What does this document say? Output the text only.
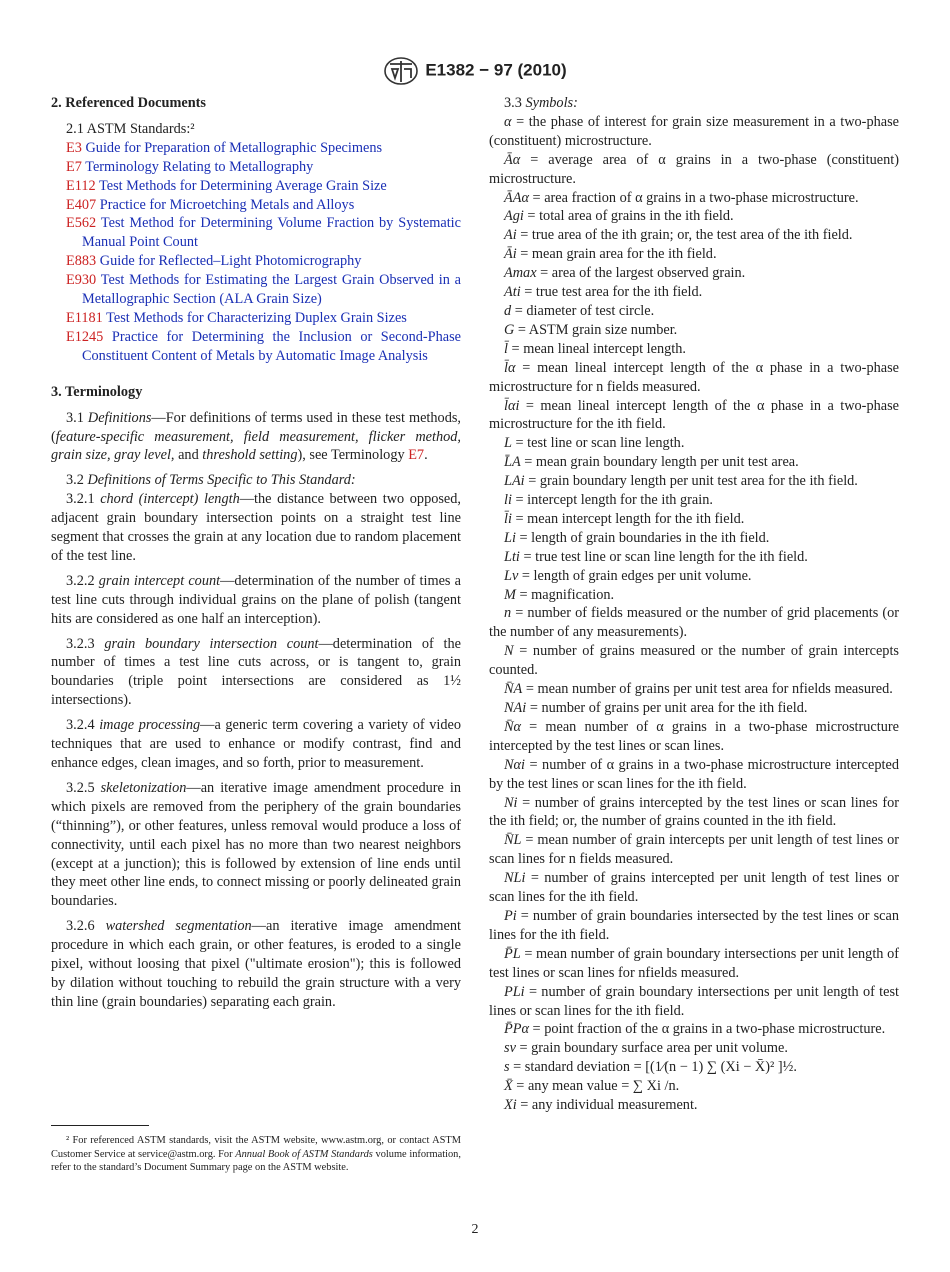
E1382 − 97 (2010)
2. Referenced Documents

2.1 ASTM Standards:²

E3 Guide for Preparation of Metallographic Specimens

E7 Terminology Relating to Metallography

E112 Test Methods for Determining Average Grain Size

E407 Practice for Microetching Metals and Alloys

E562 Test Method for Determining Volume Fraction by Systematic Manual Point Count

E883 Guide for Reflected–Light Photomicrography

E930 Test Methods for Estimating the Largest Grain Observed in a Metallographic Section (ALA Grain Size)

E1181 Test Methods for Characterizing Duplex Grain Sizes

E1245 Practice for Determining the Inclusion or Second-Phase Constituent Content of Metals by Automatic Image Analysis

3. Terminology

3.1 Definitions—For definitions of terms used in these test methods, (feature-specific measurement, field measurement, flicker method, grain size, gray level, and threshold setting), see Terminology E7.

3.2 Definitions of Terms Specific to This Standard:

3.2.1 chord (intercept) length—the distance between two opposed, adjacent grain boundary intersection points on a straight test line segment that crosses the grain at any location due to random placement of the test line.

3.2.2 grain intercept count—determination of the number of times a test line cuts through individual grains on the plane of polish (tangent hits are considered as one half an interception).

3.2.3 grain boundary intersection count—determination of the number of times a test line cuts across, or is tangent to, grain boundaries (triple point intersections are considered as 1½ intersections).

3.2.4 image processing—a generic term covering a variety of video techniques that are used to enhance or modify contrast, find and enhance edges, clean images, and so forth, prior to measurement.

3.2.5 skeletonization—an iterative image amendment procedure in which pixels are removed from the periphery of the grain boundaries (“thinning”), or other features, unless removal would produce a loss of connectivity, until each pixel has no more than two nearest neighbors (except at a junction); this is followed by extension of line ends until they meet other line ends, to connect missing or poorly delineated grain boundaries.

3.2.6 watershed segmentation—an iterative image amendment procedure in which each grain, or other features, is eroded to a single pixel, without loosing that pixel ("ultimate erosion"); this is followed by dilation without touching to rebuild the grain structure with a very thin line (grain boundaries) separating each grain.

3.3 Symbols:

α = the phase of interest for grain size measurement in a two-phase (constituent) microstructure.

Āα = average area of α grains in a two-phase (constituent) microstructure.

ĀAα = area fraction of α grains in a two-phase microstructure.

Agi = total area of grains in the ith field.

Ai = true area of the ith grain; or, the test area of the ith field.

Āi = mean grain area for the ith field.

Amax = area of the largest observed grain.

Ati = true test area for the ith field.

d = diameter of test circle.

G = ASTM grain size number.

l̄ = mean lineal intercept length.

l̄α = mean lineal intercept length of the α phase in a two-phase microstructure for n fields measured.

l̄αi = mean lineal intercept length of the α phase in a two-phase microstructure for the ith field.

L = test line or scan line length.

L̄A = mean grain boundary length per unit test area.

LAi = grain boundary length per unit test area for the ith field.

li = intercept length for the ith grain.

l̄i = mean intercept length for the ith field.

Li = length of grain boundaries in the ith field.

Lti = true test line or scan line length for the ith field.

Lv = length of grain edges per unit volume.

M = magnification.

n = number of fields measured or the number of grid placements (or the number of any measurements).

N = number of grains measured or the number of grain intercepts counted.

N̄A = mean number of grains per unit test area for nfields measured.

NAi = number of grains per unit area for the ith field.

N̄α = mean number of α grains in a two-phase microstructure intercepted by the test lines or scan lines.

Nαi = number of α grains in a two-phase microstructure intercepted by the test lines or scan lines for the ith field.

Ni = number of grains intercepted by the test lines or scan lines for the ith field; or, the number of grains counted in the ith field.

N̄L = mean number of grain intercepts per unit length of test lines or scan lines for n fields measured.

NLi = number of grains intercepted per unit length of test lines or scan lines for the ith field.

Pi = number of grain boundaries intersected by the test lines or scan lines for the ith field.

P̄L = mean number of grain boundary intersections per unit length of test lines or scan lines for nfields measured.

PLi = number of grain boundary intersections per unit length of test lines or scan lines for the ith field.

P̄Pα = point fraction of the α grains in a two-phase microstructure.

sv = grain boundary surface area per unit volume.

s = standard deviation = [(1∕(n − 1) ∑ (Xi − X̄)² ]½.

X̄ = any mean value = ∑ Xi /n.

Xi = any individual measurement.

² For referenced ASTM standards, visit the ASTM website, www.astm.org, or contact ASTM Customer Service at service@astm.org. For Annual Book of ASTM Standards volume information, refer to the standard’s Document Summary page on the ASTM website.

2
